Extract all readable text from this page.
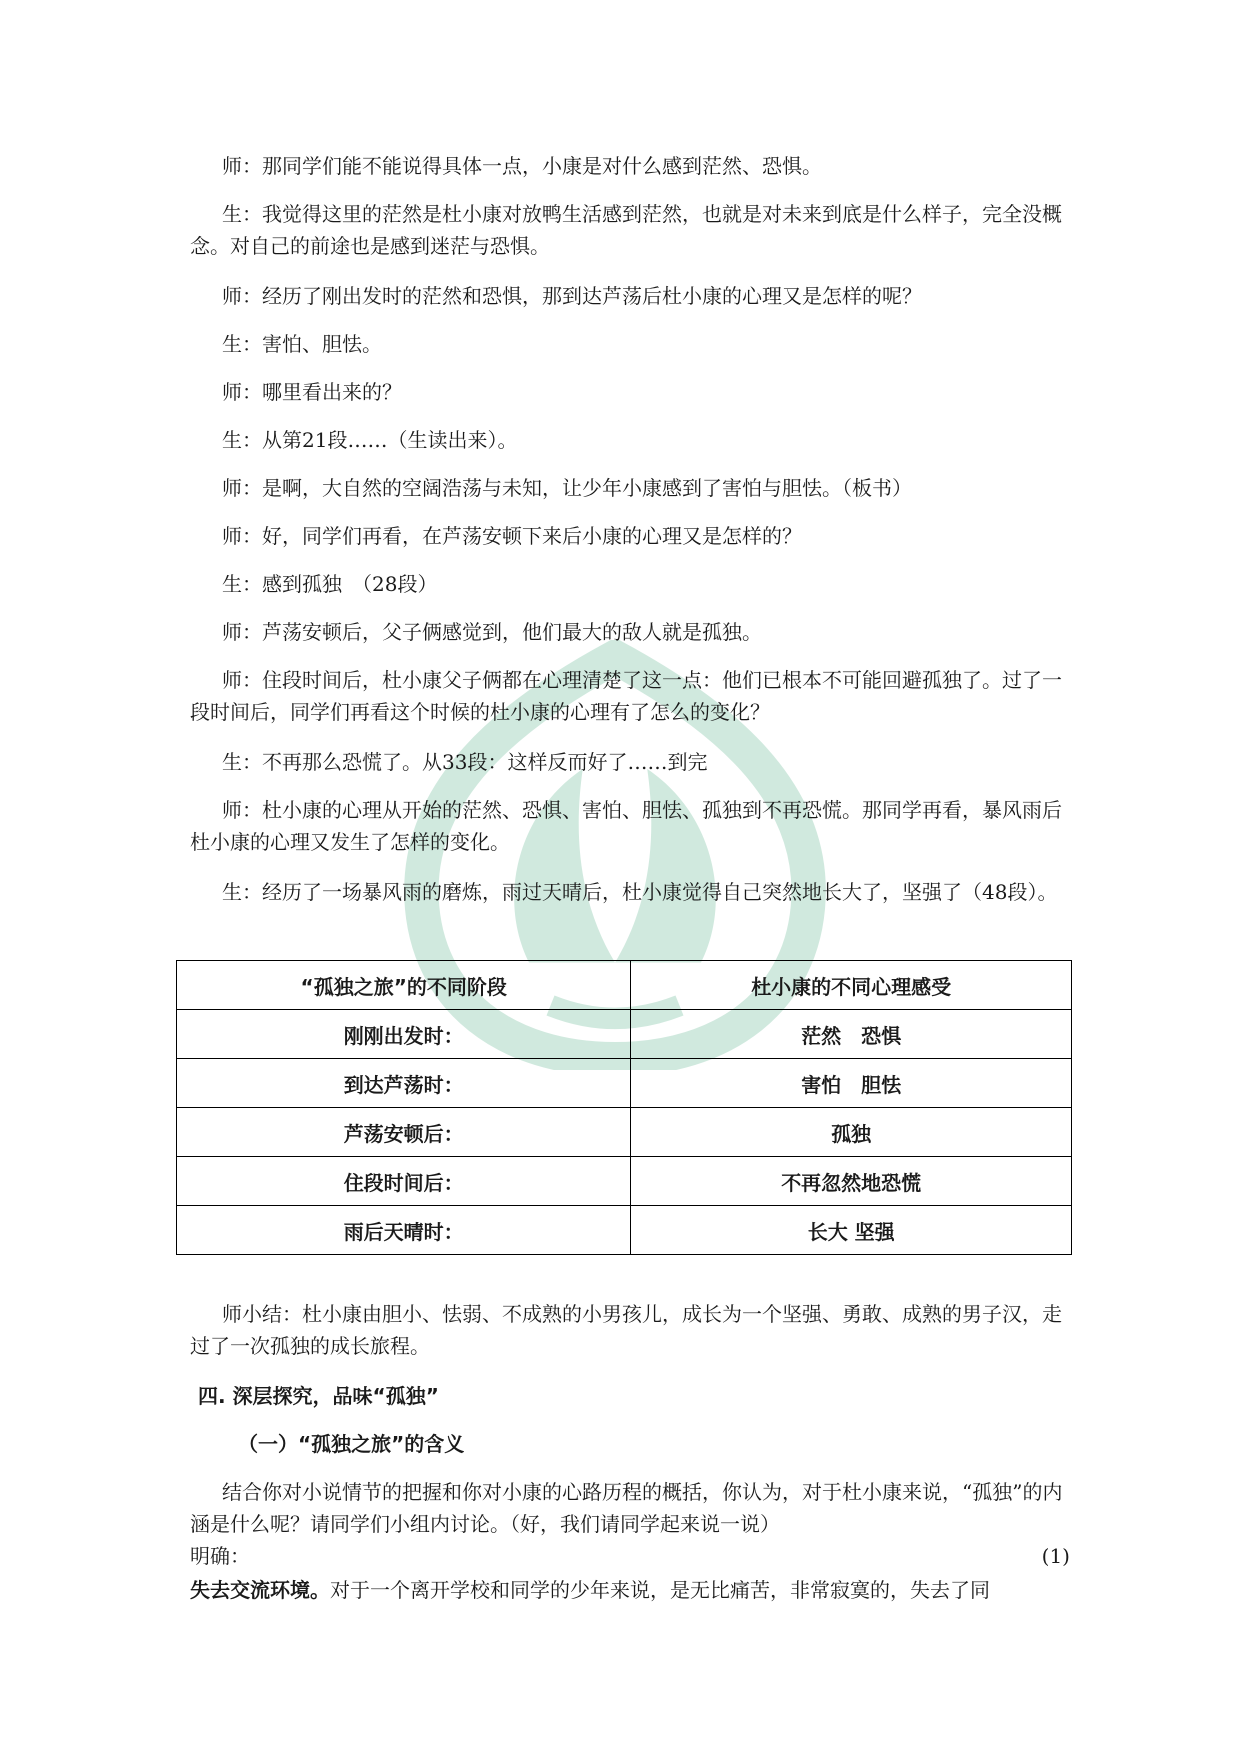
师：那同学们能不能说得具体一点，小康是对什么感到茫然、恐惧。

生：我觉得这里的茫然是杜小康对放鸭生活感到茫然，也就是对未来到底是什么样子，完全没概念。对自己的前途也是感到迷茫与恐惧。

师：经历了刚出发时的茫然和恐惧，那到达芦荡后杜小康的心理又是怎样的呢？

生：害怕、胆怯。

师：哪里看出来的？

生：从第21段……（生读出来）。

师：是啊，大自然的空阔浩荡与未知，让少年小康感到了害怕与胆怯。（板书）

师：好，同学们再看，在芦荡安顿下来后小康的心理又是怎样的？

生：感到孤独　（28段）

师：芦荡安顿后，父子俩感觉到，他们最大的敌人就是孤独。

师：住段时间后，杜小康父子俩都在心理清楚了这一点：他们已根本不可能回避孤独了。过了一段时间后，同学们再看这个时候的杜小康的心理有了怎么的变化？

生：不再那么恐慌了。从33段：这样反而好了……到完

师：杜小康的心理从开始的茫然、恐惧、害怕、胆怯、孤独到不再恐慌。那同学再看，暴风雨后杜小康的心理又发生了怎样的变化。

生：经历了一场暴风雨的磨炼，雨过天晴后，杜小康觉得自己突然地长大了，坚强了（48段）。

“孤独之旅”的不同阶段	杜小康的不同心理感受
刚刚出发时：	茫然　恐惧
到达芦荡时：	害怕　胆怯
芦荡安顿后：	孤独
住段时间后：	不再忽然地恐慌
雨后天晴时：	长大 坚强

师小结：杜小康由胆小、怯弱、不成熟的小男孩儿，成长为一个坚强、勇敢、成熟的男子汉，走过了一次孤独的成长旅程。

四. 深层探究，品味“孤独”

（一）“孤独之旅”的含义

结合你对小说情节的把握和你对小康的心路历程的概括，你认为，对于杜小康来说，“孤独”的内涵是什么呢？请同学们小组内讨论。（好，我们请同学起来说一说）

明确：	(1)

失去交流环境。对于一个离开学校和同学的少年来说，是无比痛苦，非常寂寞的，失去了同
